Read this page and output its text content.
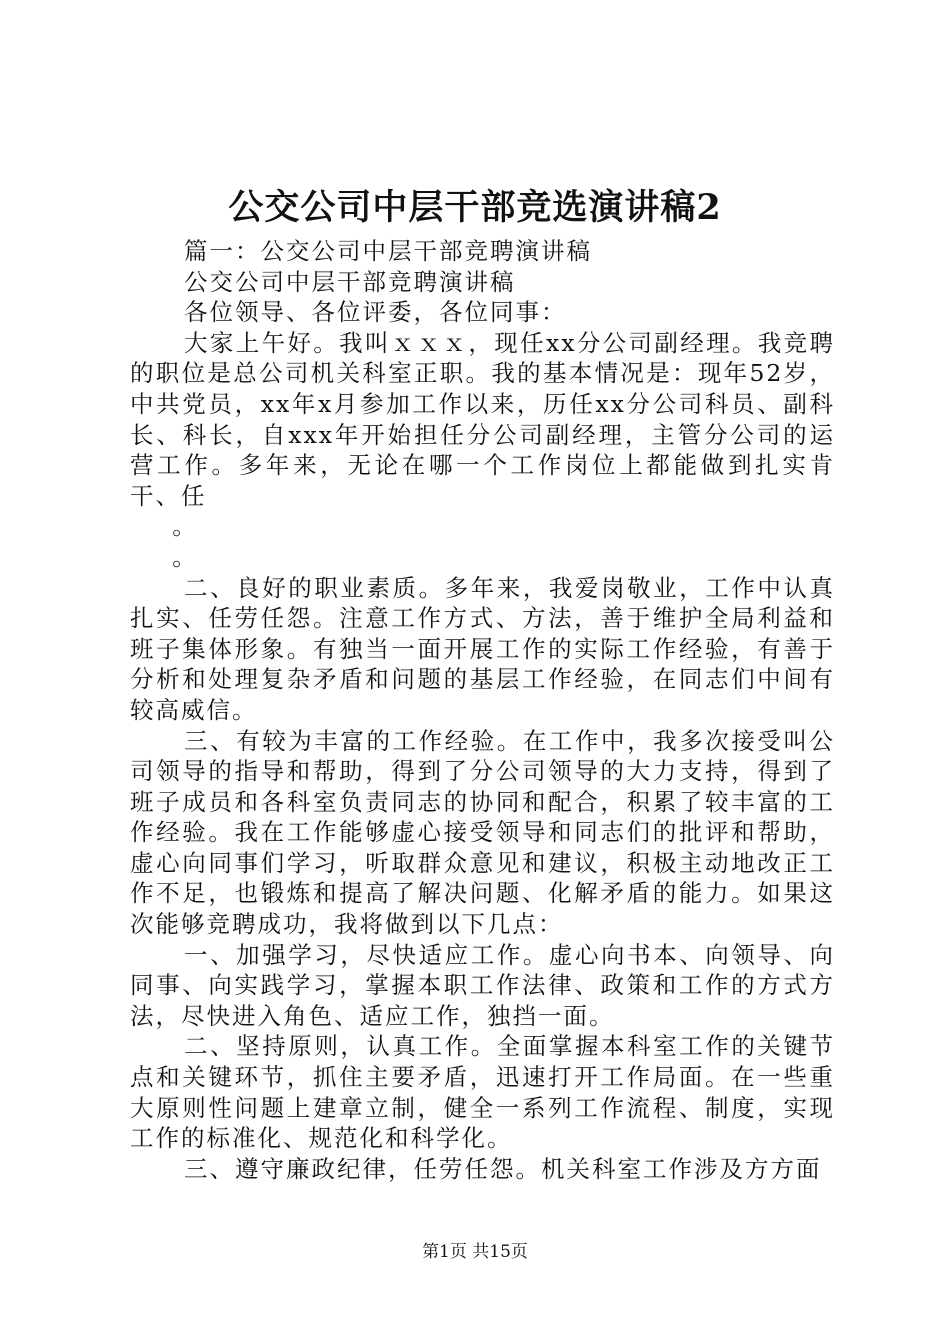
公交公司中层干部竞选演讲稿2

篇一：公交公司中层干部竞聘演讲稿

公交公司中层干部竞聘演讲稿

各位领导、各位评委，各位同事：

大家上午好。我叫ｘｘｘ，现任xx分公司副经理。我竞聘的职位是总公司机关科室正职。我的基本情况是：现年52岁，中共党员，xx年x月参加工作以来，历任xx分公司科员、副科长、科长，自xxx年开始担任分公司副经理，主管分公司的运营工作。多年来，无论在哪一个工作岗位上都能做到扎实肯干、任

。

。

二、良好的职业素质。多年来，我爱岗敬业，工作中认真扎实、任劳任怨。注意工作方式、方法，善于维护全局利益和班子集体形象。有独当一面开展工作的实际工作经验，有善于分析和处理复杂矛盾和问题的基层工作经验，在同志们中间有较高威信。

三、有较为丰富的工作经验。在工作中，我多次接受叫公司领导的指导和帮助，得到了分公司领导的大力支持，得到了班子成员和各科室负责同志的协同和配合，积累了较丰富的工作经验。我在工作能够虚心接受领导和同志们的批评和帮助，虚心向同事们学习，听取群众意见和建议，积极主动地改正工作不足，也锻炼和提高了解决问题、化解矛盾的能力。如果这次能够竞聘成功，我将做到以下几点：

一、加强学习，尽快适应工作。虚心向书本、向领导、向同事、向实践学习，掌握本职工作法律、政策和工作的方式方法，尽快进入角色、适应工作，独挡一面。

二、坚持原则，认真工作。全面掌握本科室工作的关键节点和关键环节，抓住主要矛盾，迅速打开工作局面。在一些重大原则性问题上建章立制，健全一系列工作流程、制度，实现工作的标准化、规范化和科学化。

三、遵守廉政纪律，任劳任怨。机关科室工作涉及方方面

第1页 共15页
